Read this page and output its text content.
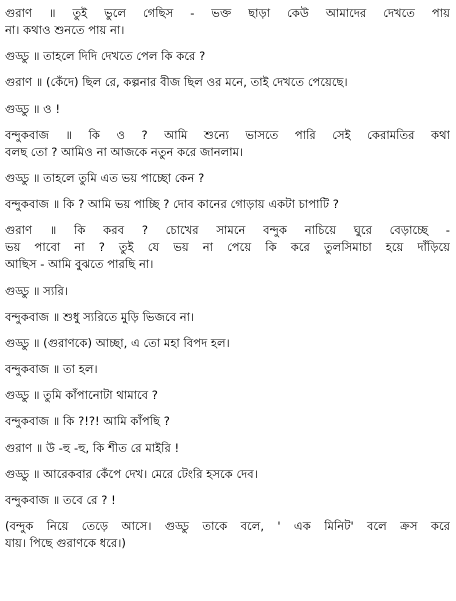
গুরাণ ॥ তুই ভুলে গেছিস - ভক্ত ছাড়া কেউ আমাদের দেখতে পায়
না। কথাও শুনতে পায় না।
গুড্ডু ॥ তাহলে দিদি দেখতে পেল কি করে ?
গুরাণ ॥ (কেঁদে) ছিল রে, কল্পনার বীজ ছিল ওর মনে, তাই দেখতে পেয়েছে।
গুড্ডু ॥ ও !
বন্দুকবাজ ॥ কি ও ? আমি শুন্যে ভাসতে পারি সেই কেরামতির কথা
বলছ তো ? আমিও না আজকে নতুন করে জানলাম।
গুড্ডু ॥ তাহলে তুমি এত ভয় পাচ্ছো কেন ?
বন্দুকবাজ ॥ কি ? আমি ভয় পাচ্ছি ? দোব কানের গোড়ায় একটা চাপাটি ?
গুরাণ ॥ কি করব ? চোখের সামনে বন্দুক নাচিয়ে ঘুরে বেড়াচ্ছে -
ভয় পাবো না ? তুই যে ভয় না পেয়ে কি করে তুলসিমাচা হয়ে দাঁড়িয়ে
আছিস - আমি বুঝতে পারছি না।
গুড্ডু ॥ স্যরি।
বন্দুকবাজ ॥ শুধু স্যরিতে মুড়ি ভিজবে না।
গুড্ডু ॥ (গুরাণকে) আচ্ছা, এ তো মহা বিপদ হল।
বন্দুকবাজ ॥ তা হল।
গুড্ডু ॥ তুমি কাঁপানোটা থামাবে ?
বন্দুকবাজ ॥ কি ?!?! আমি কাঁপছি ?
গুরাণ ॥ উ -হু -হু, কি শীত রে মাইরি !
গুড্ডু ॥ আরেকবার কেঁপে দেখ। মেরে টেংরি হসকে দেব।
বন্দুকবাজ ॥ তবে রে ? !
(বন্দুক নিয়ে তেড়ে আসে। গুড্ডু তাকে বলে, ' এক মিনিট' বলে ক্রস করে
যায়। পিছে গুরাণকে ধরে।)
